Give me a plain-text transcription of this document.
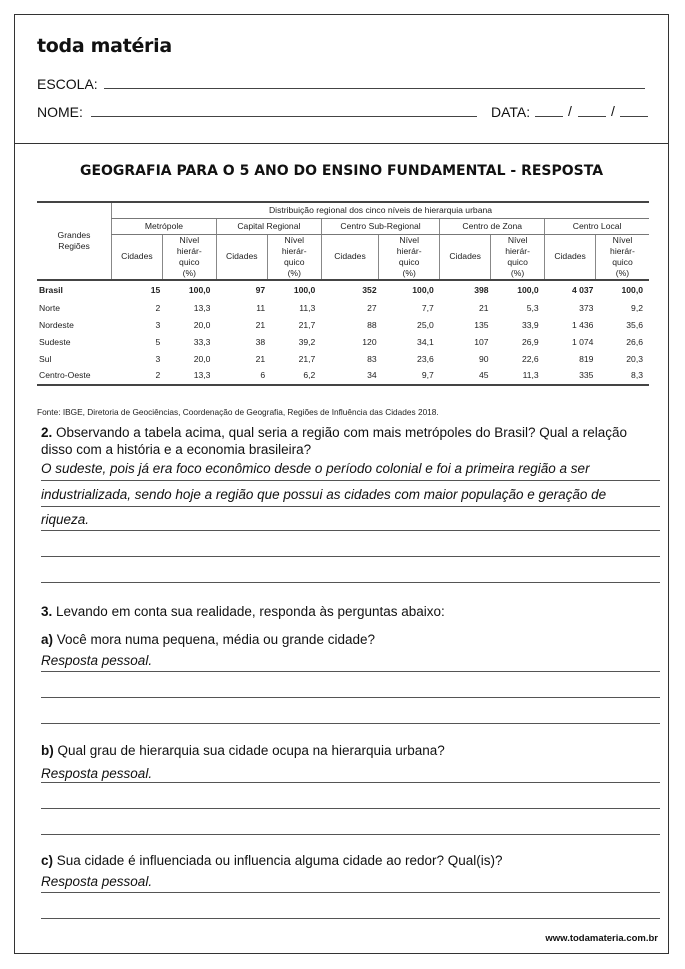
toda matéria
ESCOLA:
NOME:	DATA:	/	/
GEOGRAFIA PARA O 5 ANO DO ENSINO FUNDAMENTAL - RESPOSTA
Grandes Regiões	Distribuição regional dos cinco níveis de hierarquia urbana									
	Metrópole		Capital Regional		Centro Sub-Regional		Centro de Zona		Centro Local	
	Cidades	Nível hierár-quico (%)	Cidades	Nível hierár-quico (%)	Cidades	Nível hierár-quico (%)	Cidades	Nível hierár-quico (%)	Cidades	Nível hierár-quico (%)

Brasil	15	100,0	97	100,0	352	100,0	398	100,0	4 037	100,0
Norte	2	13,3	11	11,3	27	7,7	21	5,3	373	9,2
Nordeste	3	20,0	21	21,7	88	25,0	135	33,9	1 436	35,6
Sudeste	5	33,3	38	39,2	120	34,1	107	26,9	1 074	26,6
Sul	3	20,0	21	21,7	83	23,6	90	22,6	819	20,3
Centro-Oeste	2	13,3	6	6,2	34	9,7	45	11,3	335	8,3
Fonte: IBGE, Diretoria de Geociências, Coordenação de Geografia, Regiões de Influência das Cidades 2018.
2. Observando a tabela acima, qual seria a região com mais metrópoles do Brasil? Qual a relação disso com a história e a economia brasileira?
O sudeste, pois já era foco econômico desde o período colonial e foi a primeira região a ser
industrializada, sendo hoje a região que possui as cidades com maior população e geração de
riqueza.
3. Levando em conta sua realidade, responda às perguntas abaixo:
a) Você mora numa pequena, média ou grande cidade?
Resposta pessoal.
b) Qual grau de hierarquia sua cidade ocupa na hierarquia urbana?
Resposta pessoal.
c) Sua cidade é influenciada ou influencia alguma cidade ao redor? Qual(is)?
Resposta pessoal.
www.todamateria.com.br
